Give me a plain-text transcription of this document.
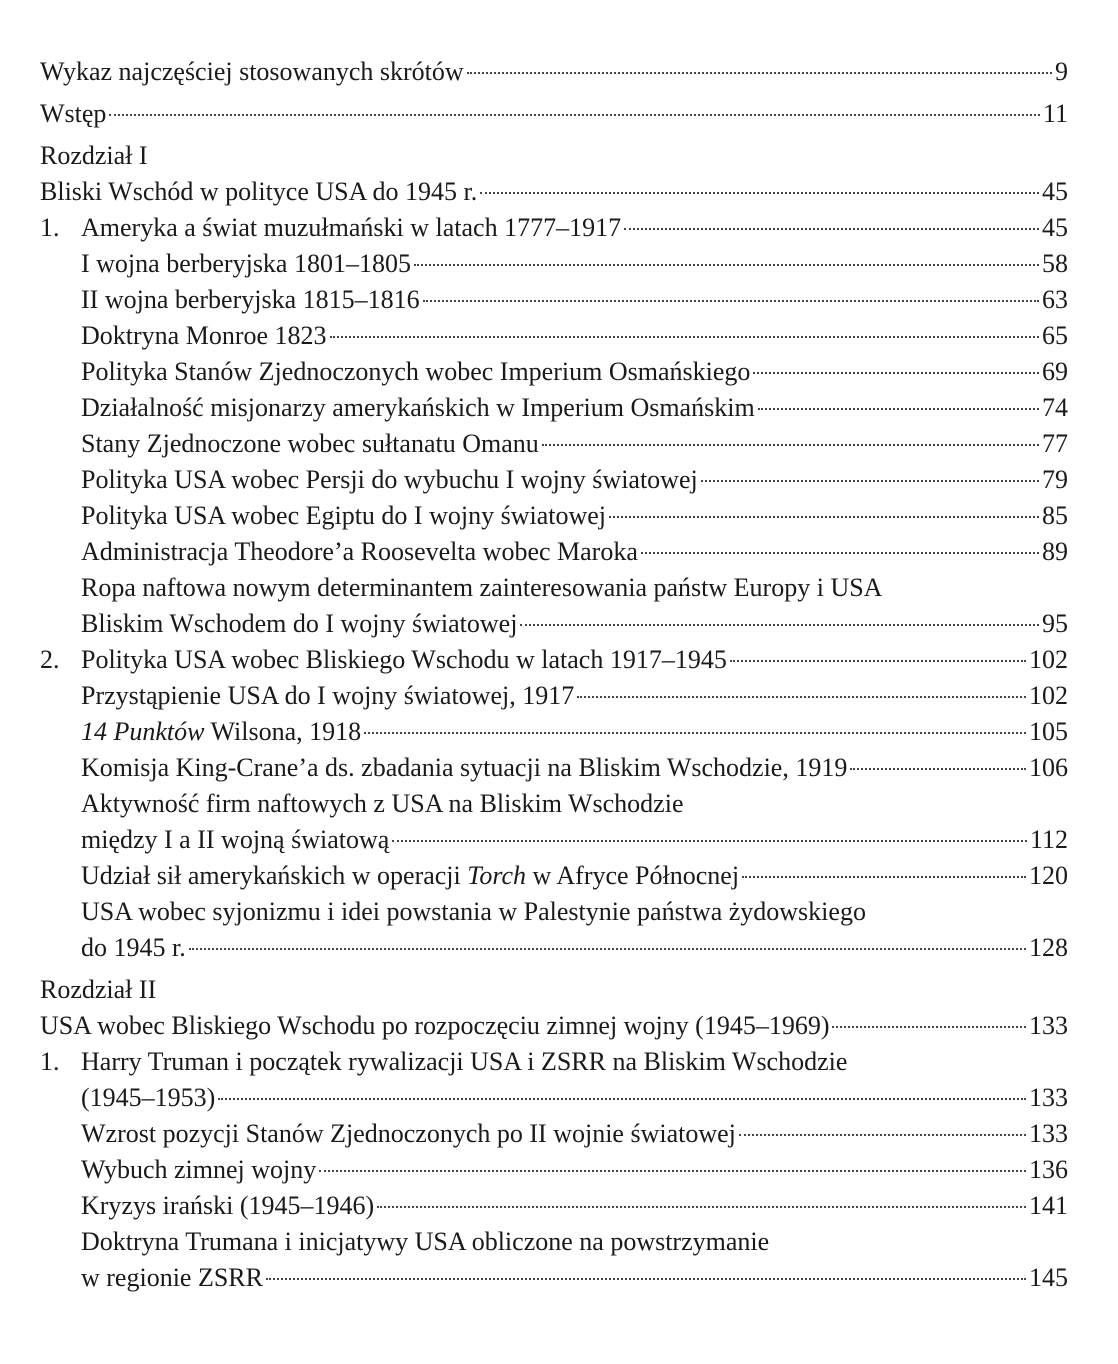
Wykaz najczęściej stosowanych skrótów	9
Wstęp	11
Rozdział I
Bliski Wschód w polityce USA do 1945 r.	45
1. Ameryka a świat muzułmański w latach 1777–1917	45
I wojna berberyjska 1801–1805	58
II wojna berberyjska 1815–1816	63
Doktryna Monroe 1823	65
Polityka Stanów Zjednoczonych wobec Imperium Osmańskiego	69
Działalność misjonarzy amerykańskich w Imperium Osmańskim	74
Stany Zjednoczone wobec sułtanatu Omanu	77
Polityka USA wobec Persji do wybuchu I wojny światowej	79
Polityka USA wobec Egiptu do I wojny światowej	85
Administracja Theodore’a Roosevelta wobec Maroka	89
Ropa naftowa nowym determinantem zainteresowania państw Europy i USA
Bliskim Wschodem do I wojny światowej	95
2. Polityka USA wobec Bliskiego Wschodu w latach 1917–1945	102
Przystąpienie USA do I wojny światowej, 1917	102
14 Punktów Wilsona, 1918	105
Komisja King-Crane’a ds. zbadania sytuacji na Bliskim Wschodzie, 1919	106
Aktywność firm naftowych z USA na Bliskim Wschodzie
między I a II wojną światową	112
Udział sił amerykańskich w operacji Torch w Afryce Północnej	120
USA wobec syjonizmu i idei powstania w Palestynie państwa żydowskiego
do 1945 r.	128
Rozdział II
USA wobec Bliskiego Wschodu po rozpoczęciu zimnej wojny (1945–1969)	133
1. Harry Truman i początek rywalizacji USA i ZSRR na Bliskim Wschodzie
(1945–1953)	133
Wzrost pozycji Stanów Zjednoczonych po II wojnie światowej	133
Wybuch zimnej wojny	136
Kryzys irański (1945–1946)	141
Doktryna Trumana i inicjatywy USA obliczone na powstrzymanie
w regionie ZSRR	145
